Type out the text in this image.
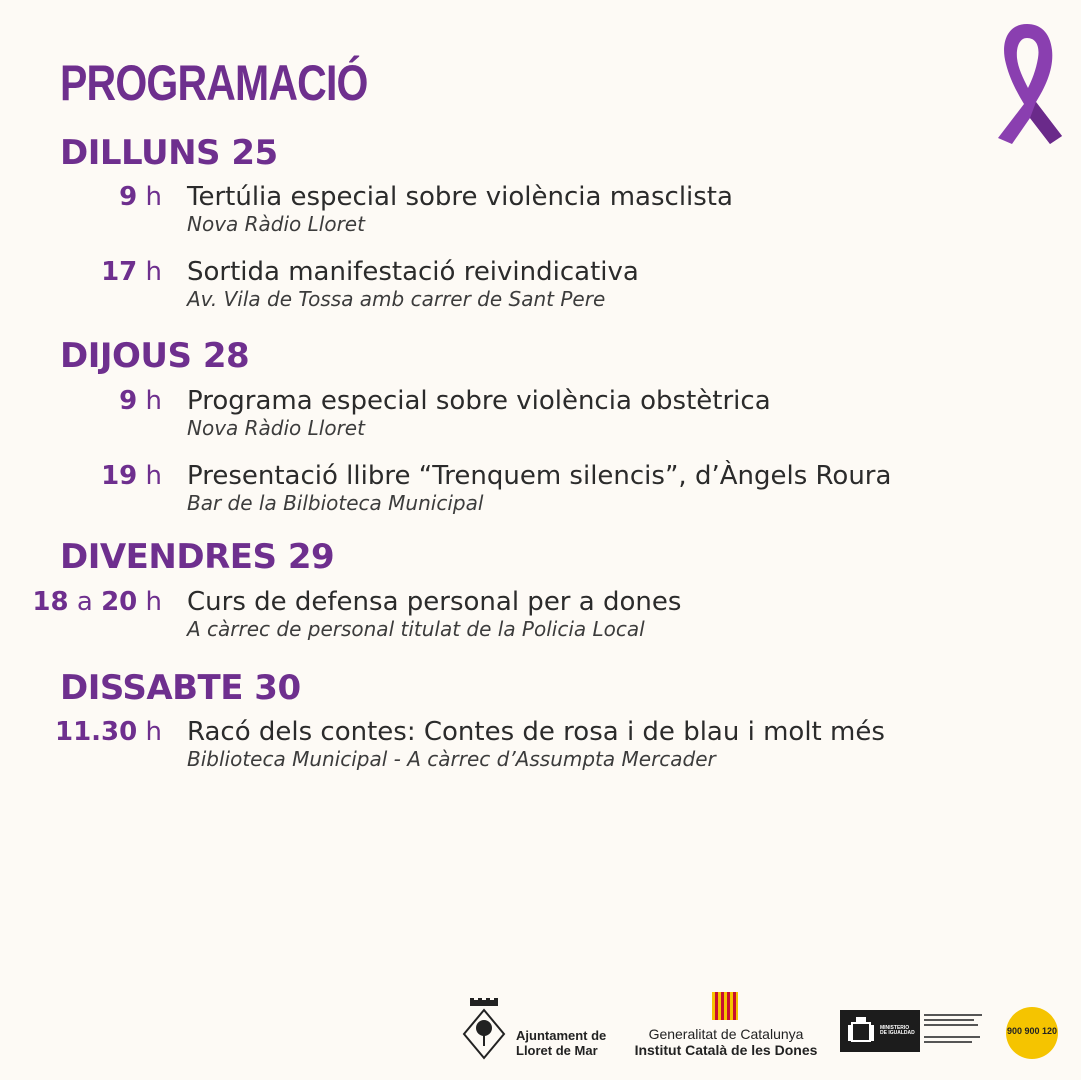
PROGRAMACIÓ
DILLUNS 25
9 h Tertúlia especial sobre violència masclista
Nova Ràdio Lloret
17 h Sortida manifestació reivindicativa
Av. Vila de Tossa amb carrer de Sant Pere
DIJOUS 28
9 h Programa especial sobre violència obstètrica
Nova Ràdio Lloret
19 h Presentació llibre “Trenquem silencis”, d’Àngels Roura
Bar de la Bilbioteca Municipal
DIVENDRES 29
18 a 20 h Curs de defensa personal per a dones
A càrrec de personal titulat de la Policia Local
DISSABTE 30
11.30 h Racó dels contes: Contes de rosa i de blau i molt més
Biblioteca Municipal - A càrrec d’Assumpta Mercader
Ajuntament de
Lloret de Mar
Generalitat de Catalunya
Institut Català de les Dones
MINISTERIO
DE IGUALDAD	900 900 120
